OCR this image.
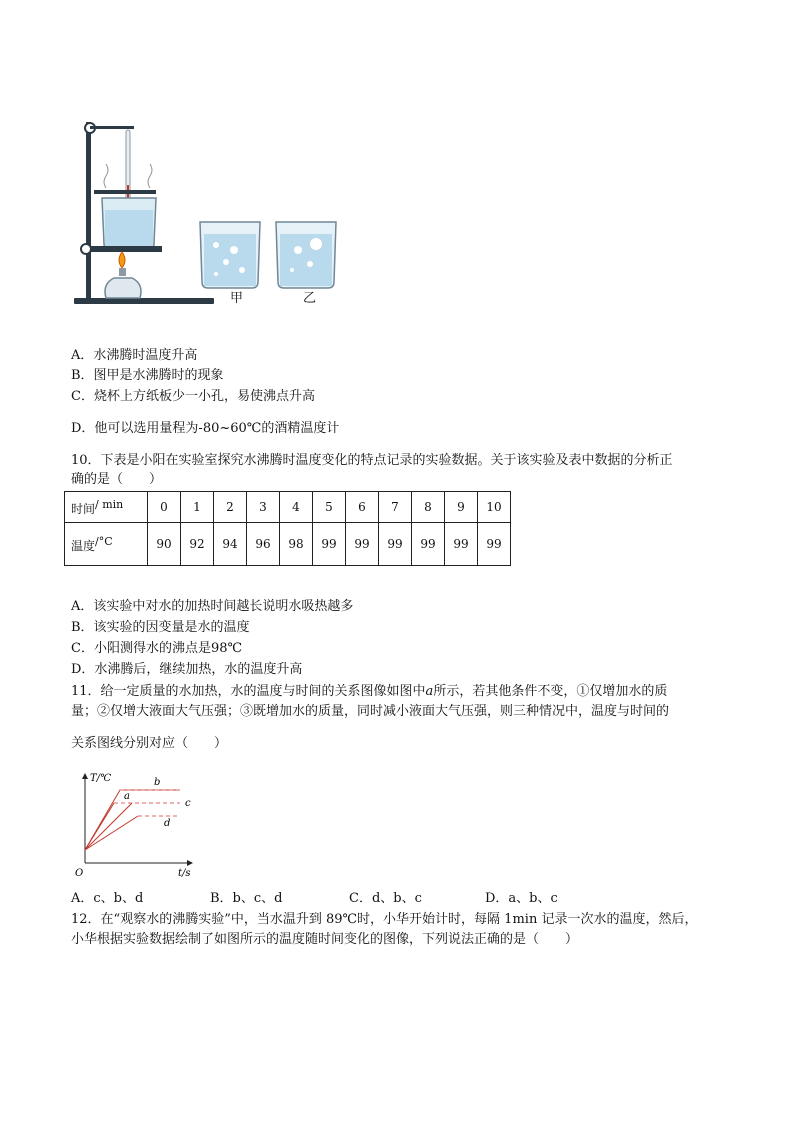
甲	乙
A．水沸腾时温度升高
B．图甲是水沸腾时的现象
C．烧杯上方纸板少一小孔，易使沸点升高
D．他可以选用量程为-80~60℃的酒精温度计
10．下表是小阳在实验室探究水沸腾时温度变化的特点记录的实验数据。关于该实验及表中数据的分析正
确的是（　　）
时间$^{/ min}$	0	1	2	3	4	5	6	7	8	9	10
温度$^{/^\circ C}$	90	92	94	96	98	99	99	99	99	99	99
A．该实验中对水的加热时间越长说明水吸热越多
B．该实验的因变量是水的温度
C．小阳测得水的沸点是98℃
D．水沸腾后，继续加热，水的温度升高
11．给一定质量的水加热，水的温度与时间的关系图像如图中a所示，若其他条件不变，①仅增加水的质
量；②仅增大液面大气压强；③既增加水的质量，同时减小液面大气压强，则三种情况中，温度与时间的
关系图线分别对应（　　）
T/℃
t/s
O
b
a
c
d
A．c、b、d	B．b、c、d	C．d、b、c	D．a、b、c
12．在“观察水的沸腾实验”中，当水温升到 89℃时，小华开始计时，每隔 1min 记录一次水的温度，然后，
小华根据实验数据绘制了如图所示的温度随时间变化的图像，下列说法正确的是（　　）
